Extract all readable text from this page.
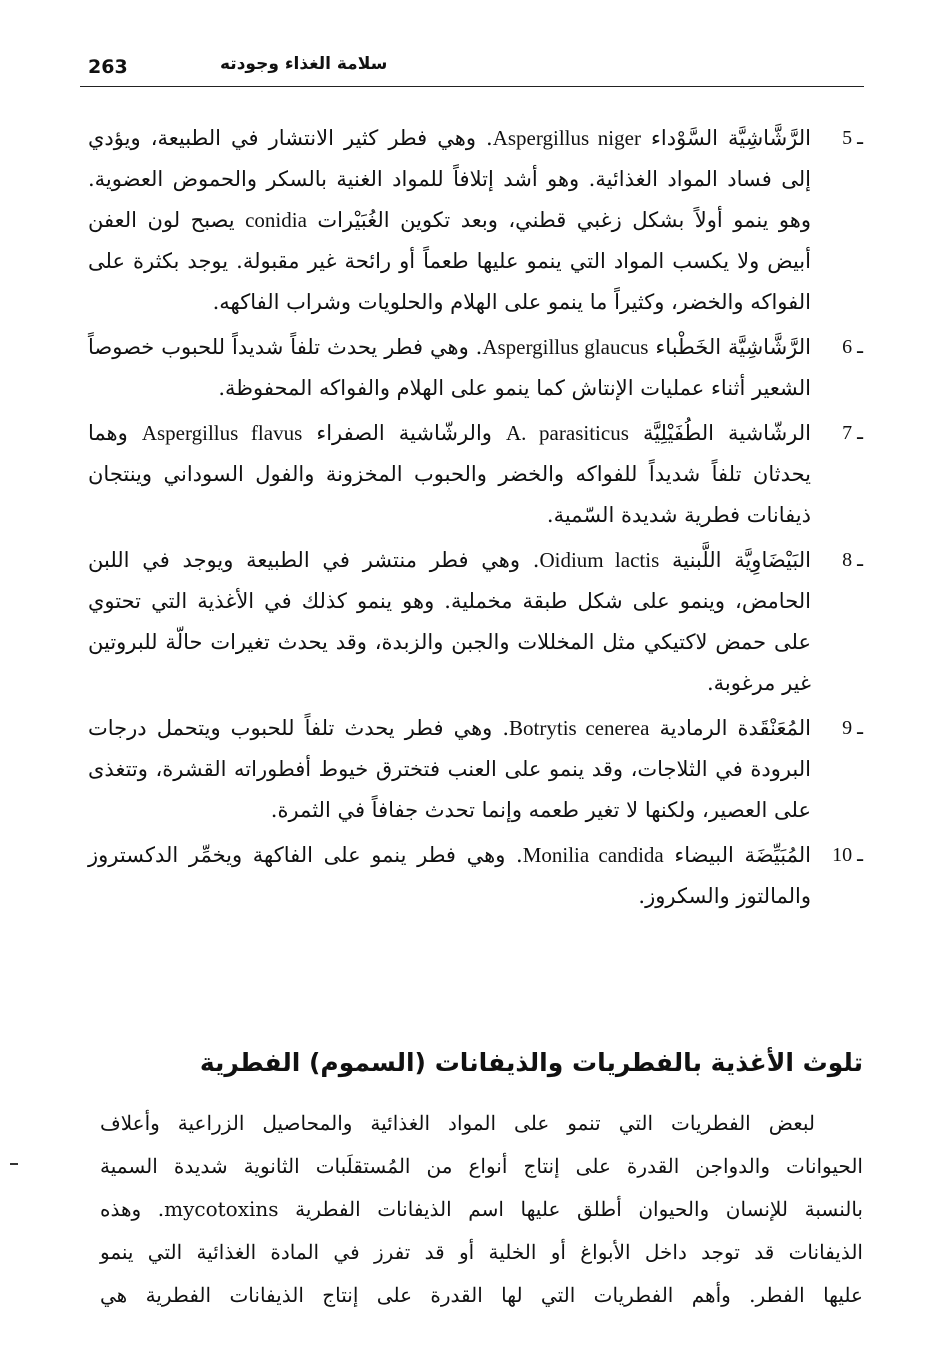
263	سلامة الغذاء وجودته
5 ـ
الرَّشَّاشِيَّة السَّوْداء Aspergillus niger. وهي فطر كثير الانتشار في الطبيعة، ويؤدي إلى فساد المواد الغذائية. وهو أشد إتلافاً للمواد الغنية بالسكر والحموض العضوية. وهو ينمو أولاً بشكل زغبي قطني، وبعد تكوين الغُبَيْرات conidia يصبح لون العفن أبيض ولا يكسب المواد التي ينمو عليها طعماً أو رائحة غير مقبولة. يوجد بكثرة على الفواكه والخضر، وكثيراً ما ينمو على الهلام والحلويات وشراب الفاكهه.
6 ـ
الرَّشَّاشِيَّة الخَطْباء Aspergillus glaucus. وهي فطر يحدث تلفاً شديداً للحبوب خصوصاً الشعير أثناء عمليات الإنتاش كما ينمو على الهلام والفواكه المحفوظة.
7 ـ
الرشّاشية الطُفَيْلِيَّة A. parasiticus والرشّاشية الصفراء Aspergillus flavus وهما يحدثان تلفاً شديداً للفواكه والخضر والحبوب المخزونة والفول السوداني وينتجان ذيفانات فطرية شديدة السّمية.
8 ـ
البَيْضَاوِيَّة اللَّبنية Oidium lactis. وهي فطر منتشر في الطبيعة ويوجد في اللبن الحامض، وينمو على شكل طبقة مخملية. وهو ينمو كذلك في الأغذية التي تحتوي على حمض لاكتيكي مثل المخللات والجبن والزبدة، وقد يحدث تغيرات حالّة للبروتين غير مرغوبة.
9 ـ
المُعَنْقَدة الرمادية Botrytis cenerea. وهي فطر يحدث تلفاً للحبوب ويتحمل درجات البرودة في الثلاجات، وقد ينمو على العنب فتخترق خيوط أفطوراته القشرة، وتتغذى على العصير، ولكنها لا تغير طعمه وإنما تحدث جفافاً في الثمرة.
10 ـ
المُبَيِّضَة البيضاء Monilia candida. وهي فطر ينمو على الفاكهة ويخمِّر الدكستروز والمالتوز والسكروز.
تلوث الأغذية بالفطريات والذيفانات (السموم) الفطرية
لبعض الفطريات التي تنمو على المواد الغذائية والمحاصيل الزراعية وأعلاف
الحيوانات والدواجن القدرة على إنتاج أنواع من المُستقلَبات الثانوية شديدة السمية
بالنسبة للإنسان والحيوان أطلق عليها اسم الذيفانات الفطرية mycotoxins. وهذه
الذيفانات قد توجد داخل الأبواغ أو الخلية أو قد تفرز في المادة الغذائية التي ينمو
عليها الفطر. وأهم الفطريات التي لها القدرة على إنتاج الذيفانات الفطرية هي
